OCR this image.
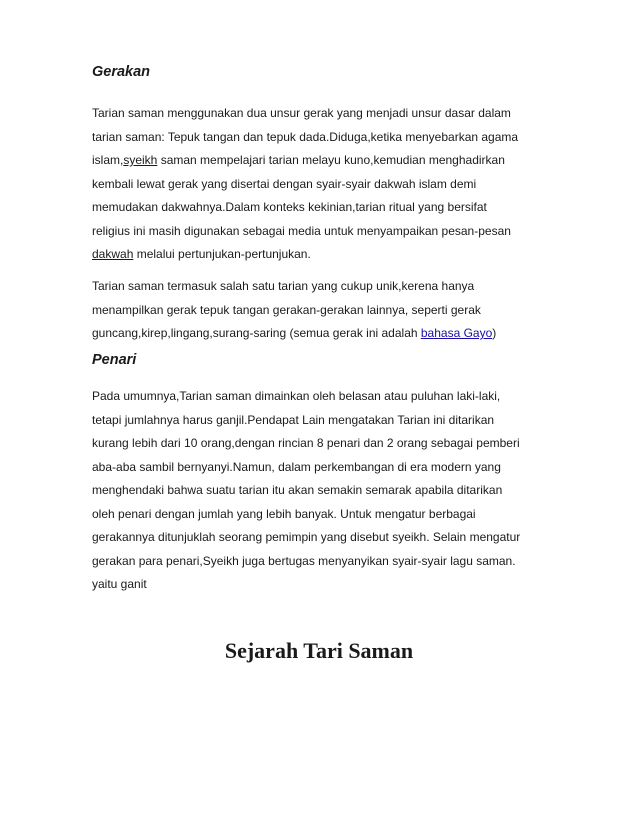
Gerakan
Tarian saman menggunakan dua unsur gerak yang menjadi unsur dasar dalam
tarian saman: Tepuk tangan dan tepuk dada.Diduga,ketika menyebarkan agama
islam,syeikh saman mempelajari tarian melayu kuno,kemudian menghadirkan
kembali lewat gerak yang disertai dengan syair-syair dakwah islam demi
memudakan dakwahnya.Dalam konteks kekinian,tarian ritual yang bersifat
religius ini masih digunakan sebagai media untuk menyampaikan pesan-pesan
dakwah melalui pertunjukan-pertunjukan.
Tarian saman termasuk salah satu tarian yang cukup unik,kerena hanya
menampilkan gerak tepuk tangan gerakan-gerakan lainnya, seperti gerak
guncang,kirep,lingang,surang-saring (semua gerak ini adalah bahasa Gayo)
Penari
Pada umumnya,Tarian saman dimainkan oleh belasan atau puluhan laki-laki,
tetapi jumlahnya harus ganjil.Pendapat Lain mengatakan Tarian ini ditarikan
kurang lebih dari 10 orang,dengan rincian 8 penari dan 2 orang sebagai pemberi
aba-aba sambil bernyanyi.Namun, dalam perkembangan di era modern yang
menghendaki bahwa suatu tarian itu akan semakin semarak apabila ditarikan
oleh penari dengan jumlah yang lebih banyak. Untuk mengatur berbagai
gerakannya ditunjuklah seorang pemimpin yang disebut syeikh. Selain mengatur
gerakan para penari,Syeikh juga bertugas menyanyikan syair-syair lagu saman.
yaitu ganit
Sejarah Tari Saman
